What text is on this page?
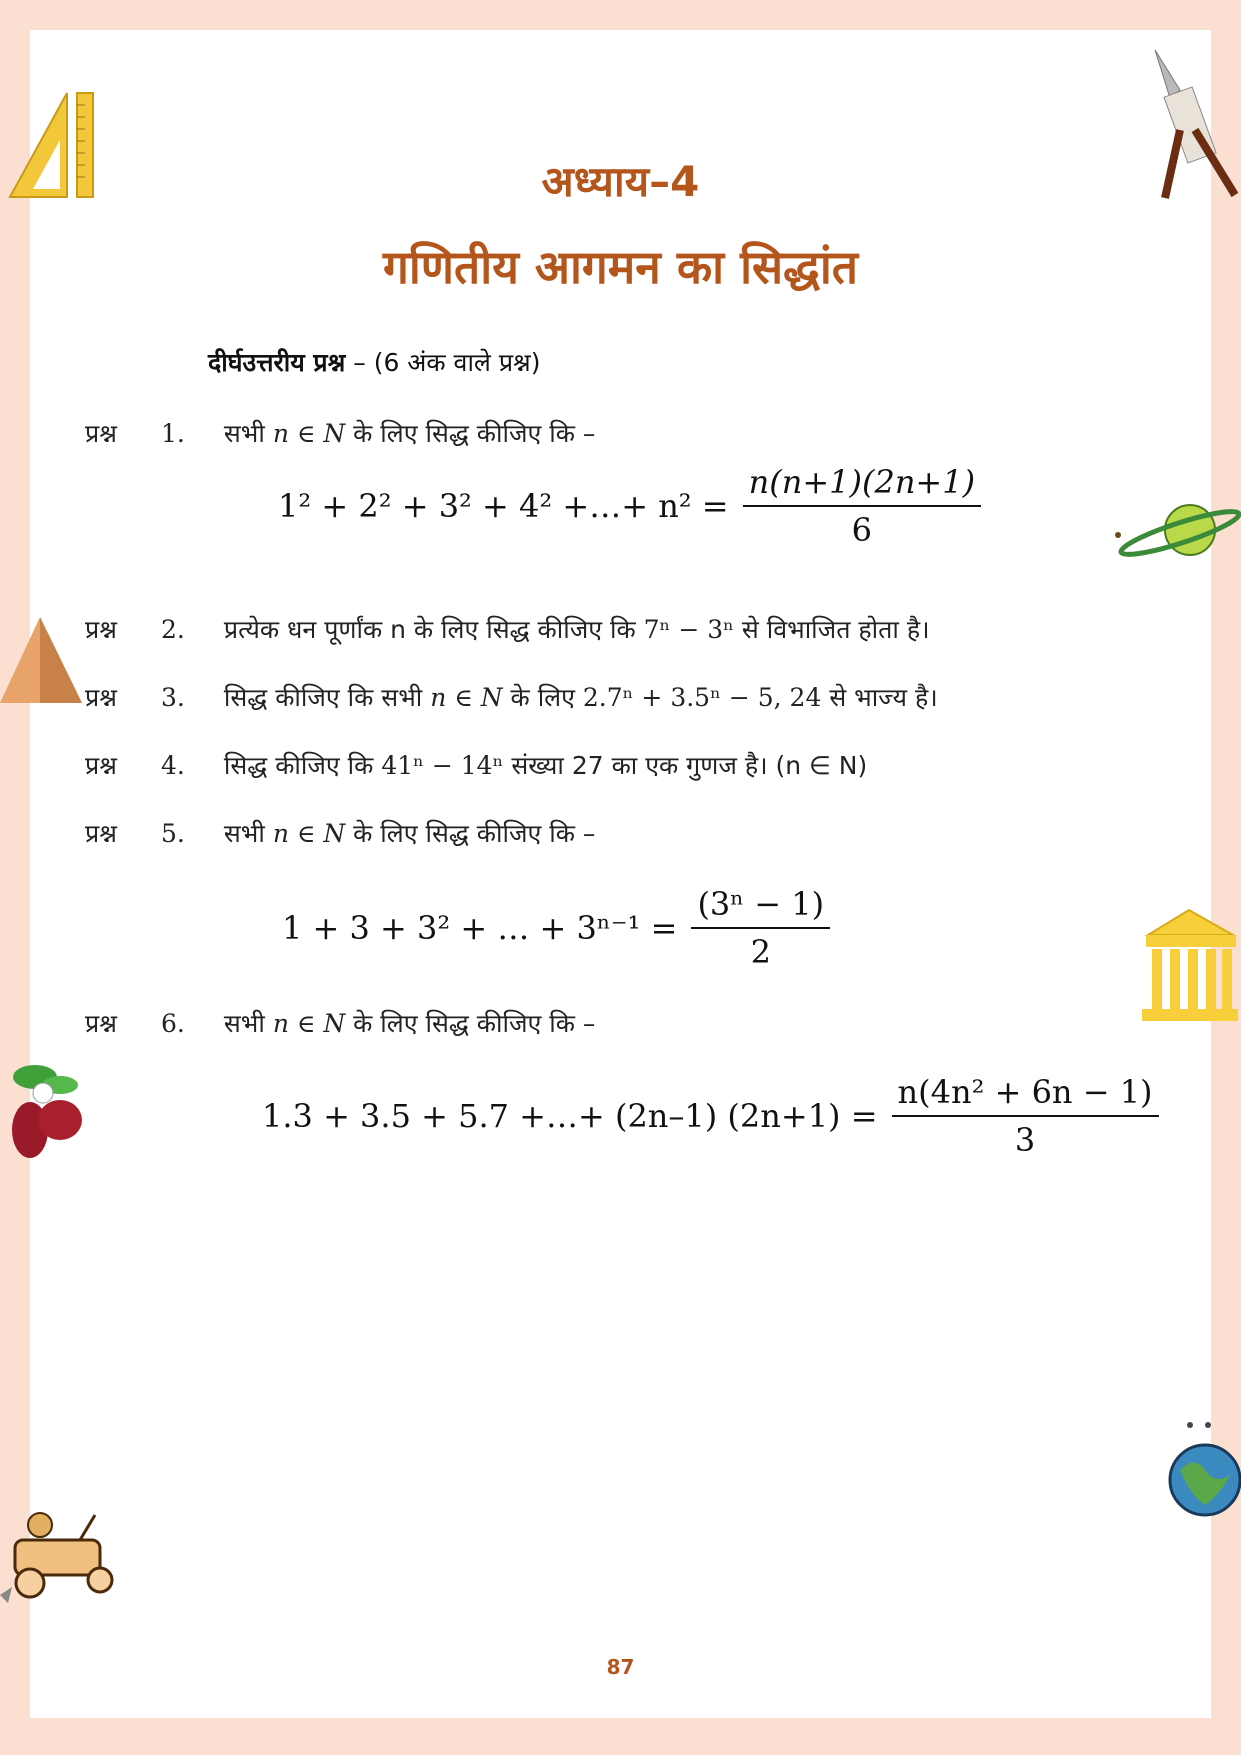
अध्याय–4
गणितीय आगमन का सिद्धांत
दीर्घउत्तरीय प्रश्न – (6 अंक वाले प्रश्न)
प्रश्न 1. सभी n ∈ N के लिए सिद्ध कीजिए कि –
1² + 2² + 3² + 4² +…+ $n^2 = \frac{n(n+1)(2n+1)}{6}$
प्रश्न 2. प्रत्येक धन पूर्णांक n के लिए सिद्ध कीजिए कि 7ⁿ − 3ⁿ से विभाजित होता है।
प्रश्न 3. सिद्ध कीजिए कि सभी n ∈ N के लिए 2.7ⁿ + 3.5ⁿ − 5, 24 से भाज्य है।
प्रश्न 4. सिद्ध कीजिए कि 41ⁿ − 14ⁿ संख्या 27 का एक गुणज है। (n ∈ N)
प्रश्न 5. सभी n ∈ N के लिए सिद्ध कीजिए कि –
1 + 3 + 3² + … + $3^{n-1} = \frac{\text{(3ⁿ − 1)}}{2}$
प्रश्न 6. सभी n ∈ N के लिए सिद्ध कीजिए कि –
1.3 + 3.5 + 5.7 +…+ (2n–1) $(2n+1) = \frac{\text{n(4n² + 6n − 1)}}{3}$
87
